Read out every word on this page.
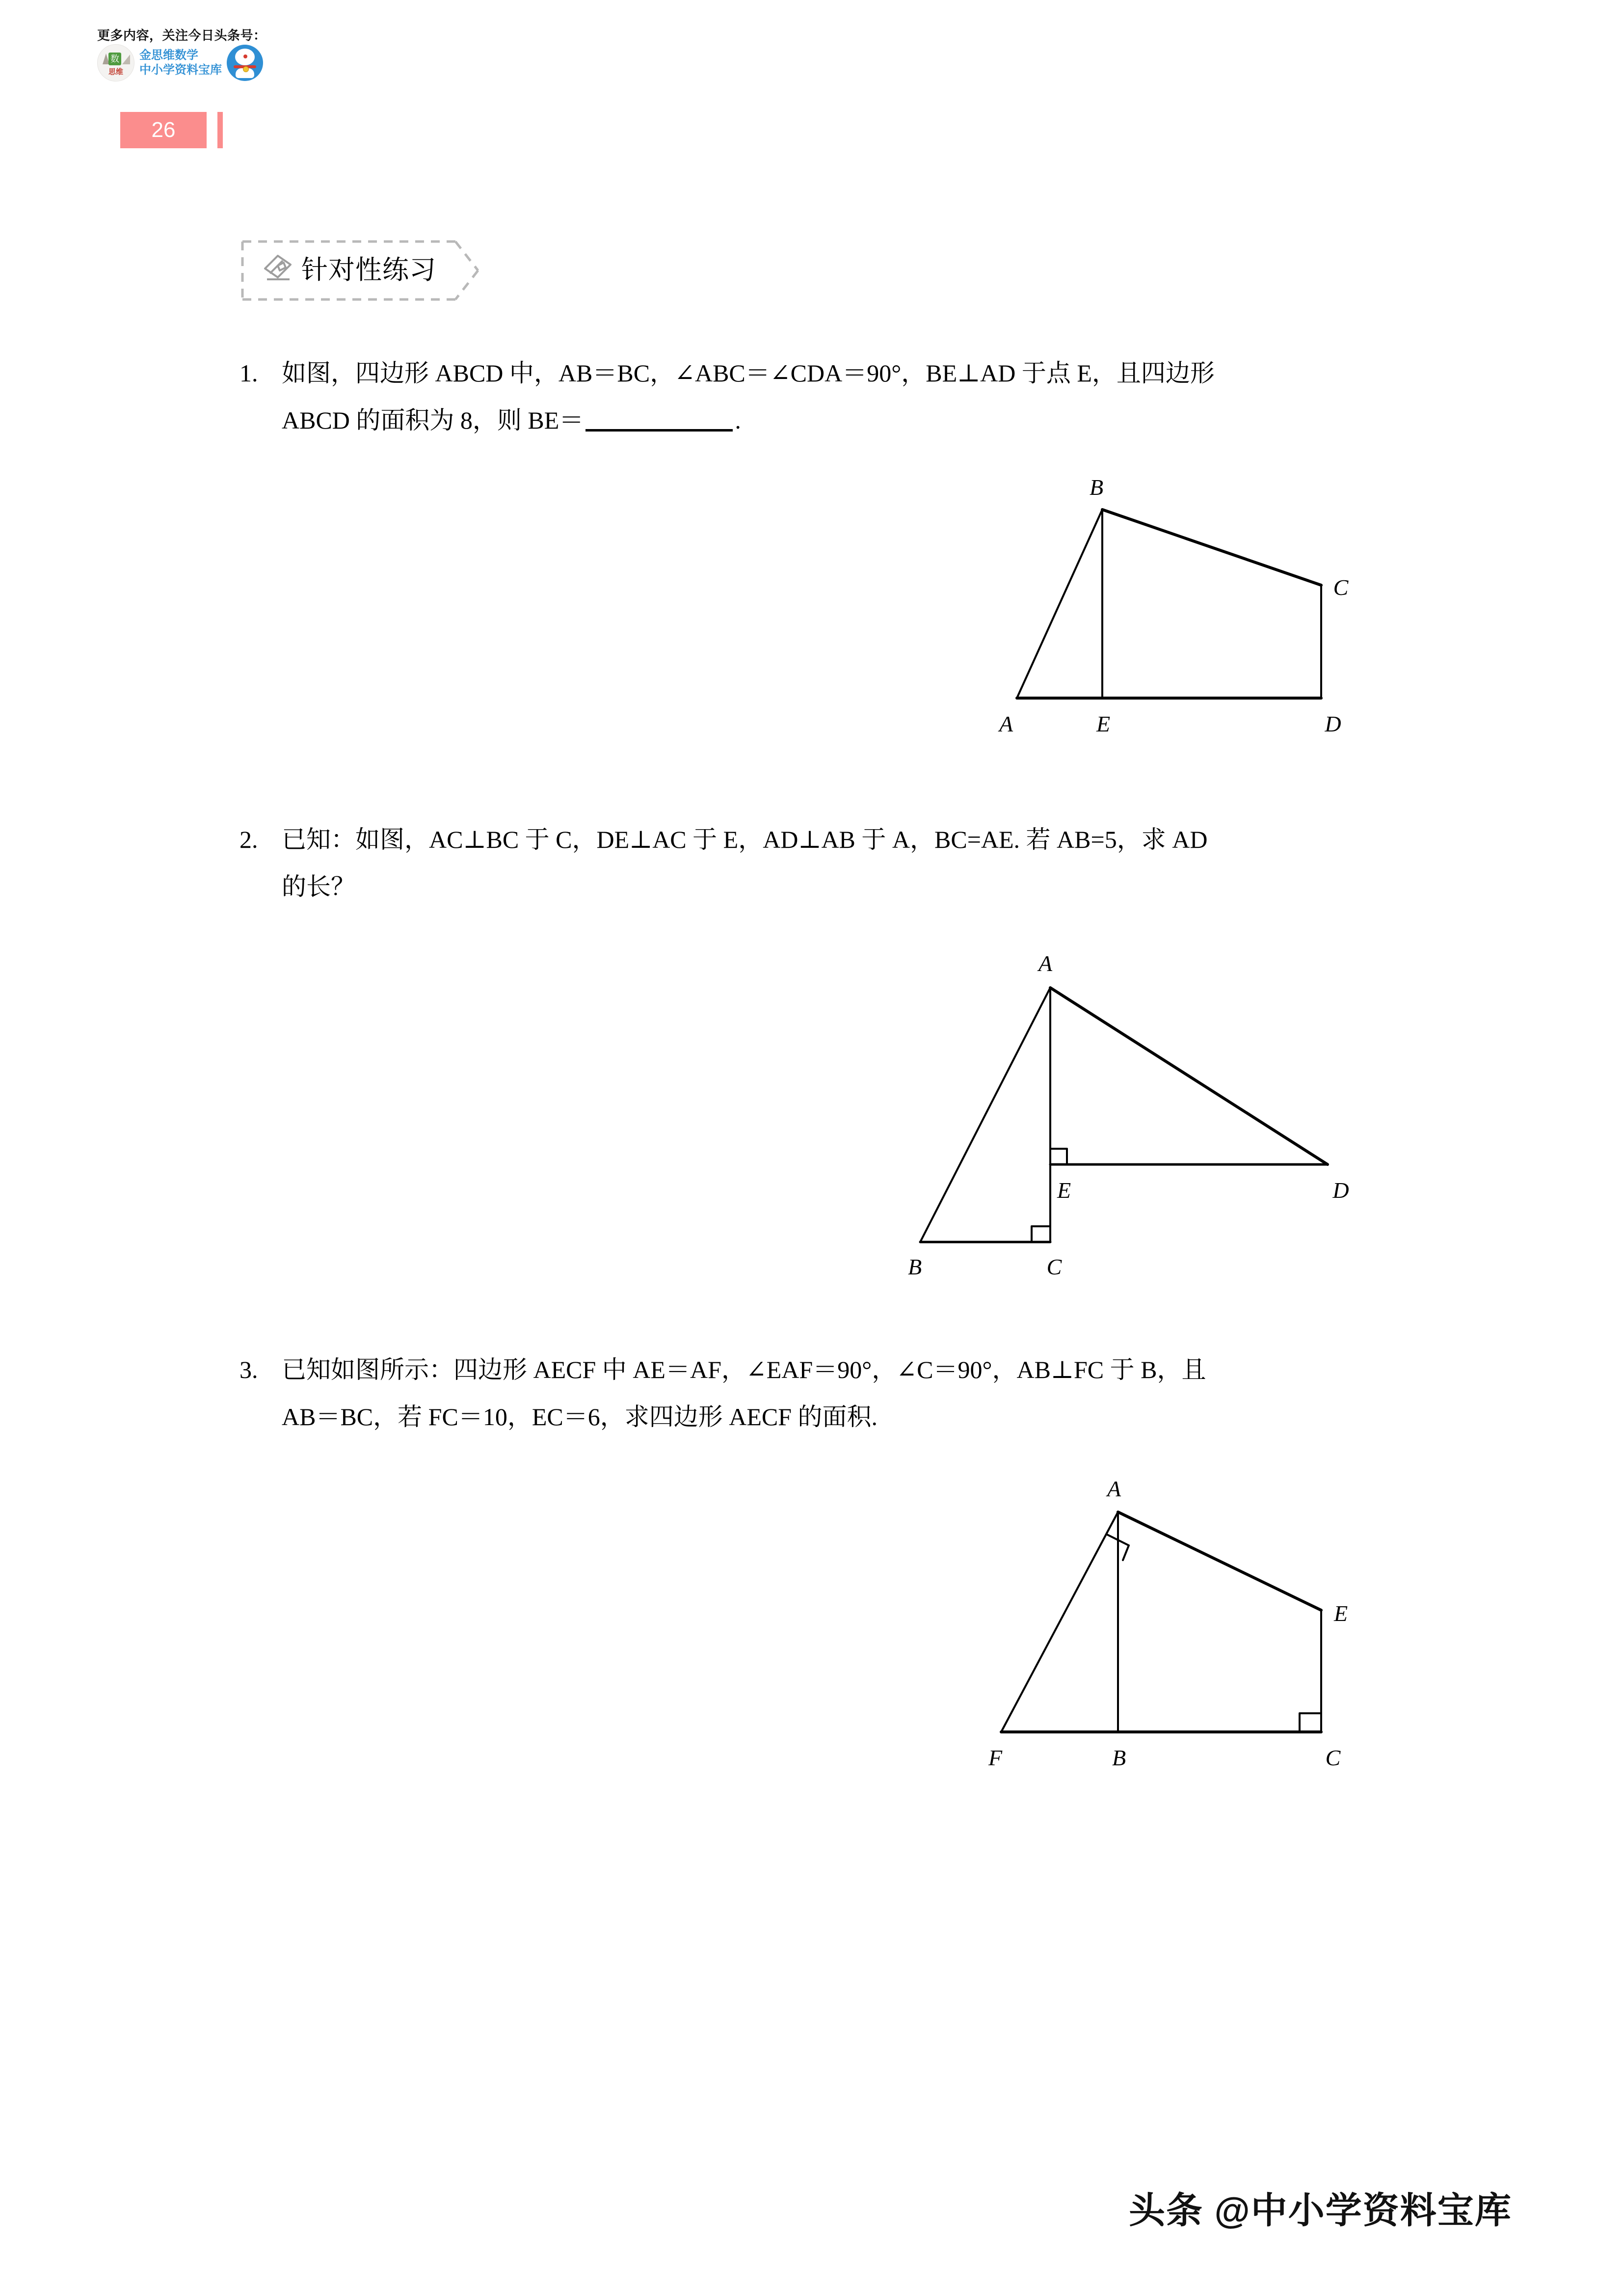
更多内容，关注今日头条号：
数
思维
金思维数学
中小学资料宝库
26
针对性练习
1. 如图，四边形 ABCD 中，AB＝BC，∠ABC＝∠CDA＝90°，BE⊥AD 于点 E，且四边形
ABCD 的面积为 8，则 BE＝	.
B
C
A	E	D
2. 已知：如图，AC⊥BC 于 C，DE⊥AC 于 E，AD⊥AB 于 A，BC=AE. 若 AB=5，求 AD
的长？
A
E	D
B	C
3. 已知如图所示：四边形 AECF 中 AE＝AF，∠EAF＝90°，∠C＝90°，AB⊥FC 于 B，且
AB＝BC，若 FC＝10，EC＝6，求四边形 AECF 的面积.
A
E
F	B	C
头条 @中小学资料宝库
